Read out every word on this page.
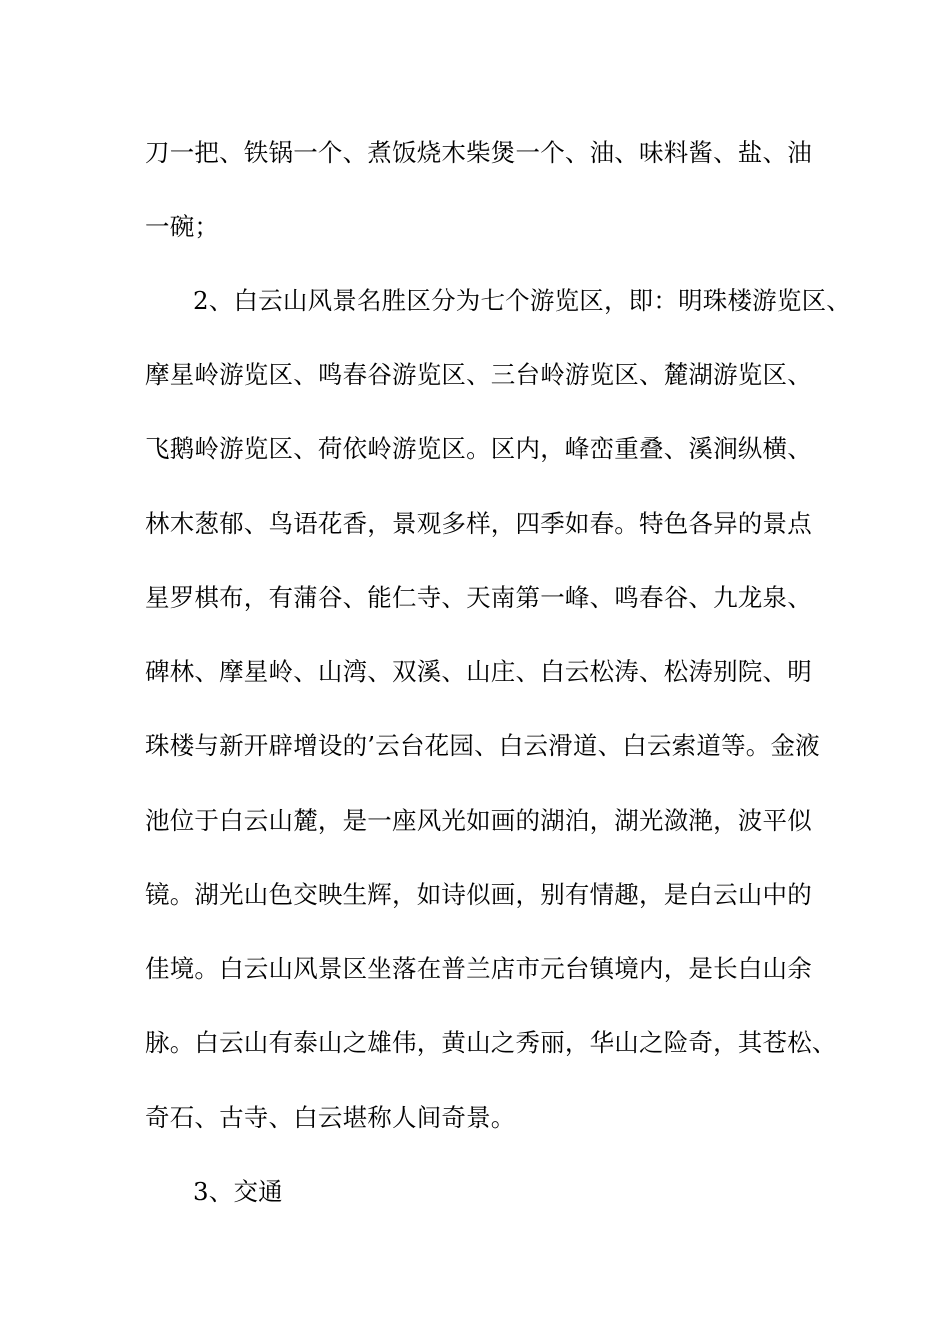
刀一把、铁锅一个、煮饭烧木柴煲一个、油、味料酱、盐、油
一碗；
2、白云山风景名胜区分为七个游览区，即：明珠楼游览区、
摩星岭游览区、鸣春谷游览区、三台岭游览区、麓湖游览区、
飞鹅岭游览区、荷依岭游览区。区内，峰峦重叠、溪涧纵横、
林木葱郁、鸟语花香，景观多样，四季如春。特色各异的景点
星罗棋布，有蒲谷、能仁寺、天南第一峰、鸣春谷、九龙泉、
碑林、摩星岭、山湾、双溪、山庄、白云松涛、松涛别院、明
珠楼与新开辟增设的’云台花园、白云滑道、白云索道等。金液
池位于白云山麓，是一座风光如画的湖泊，湖光潋滟，波平似
镜。湖光山色交映生辉，如诗似画，别有情趣，是白云山中的
佳境。白云山风景区坐落在普兰店市元台镇境内，是长白山余
脉。白云山有泰山之雄伟，黄山之秀丽，华山之险奇，其苍松、
奇石、古寺、白云堪称人间奇景。
3、交通
